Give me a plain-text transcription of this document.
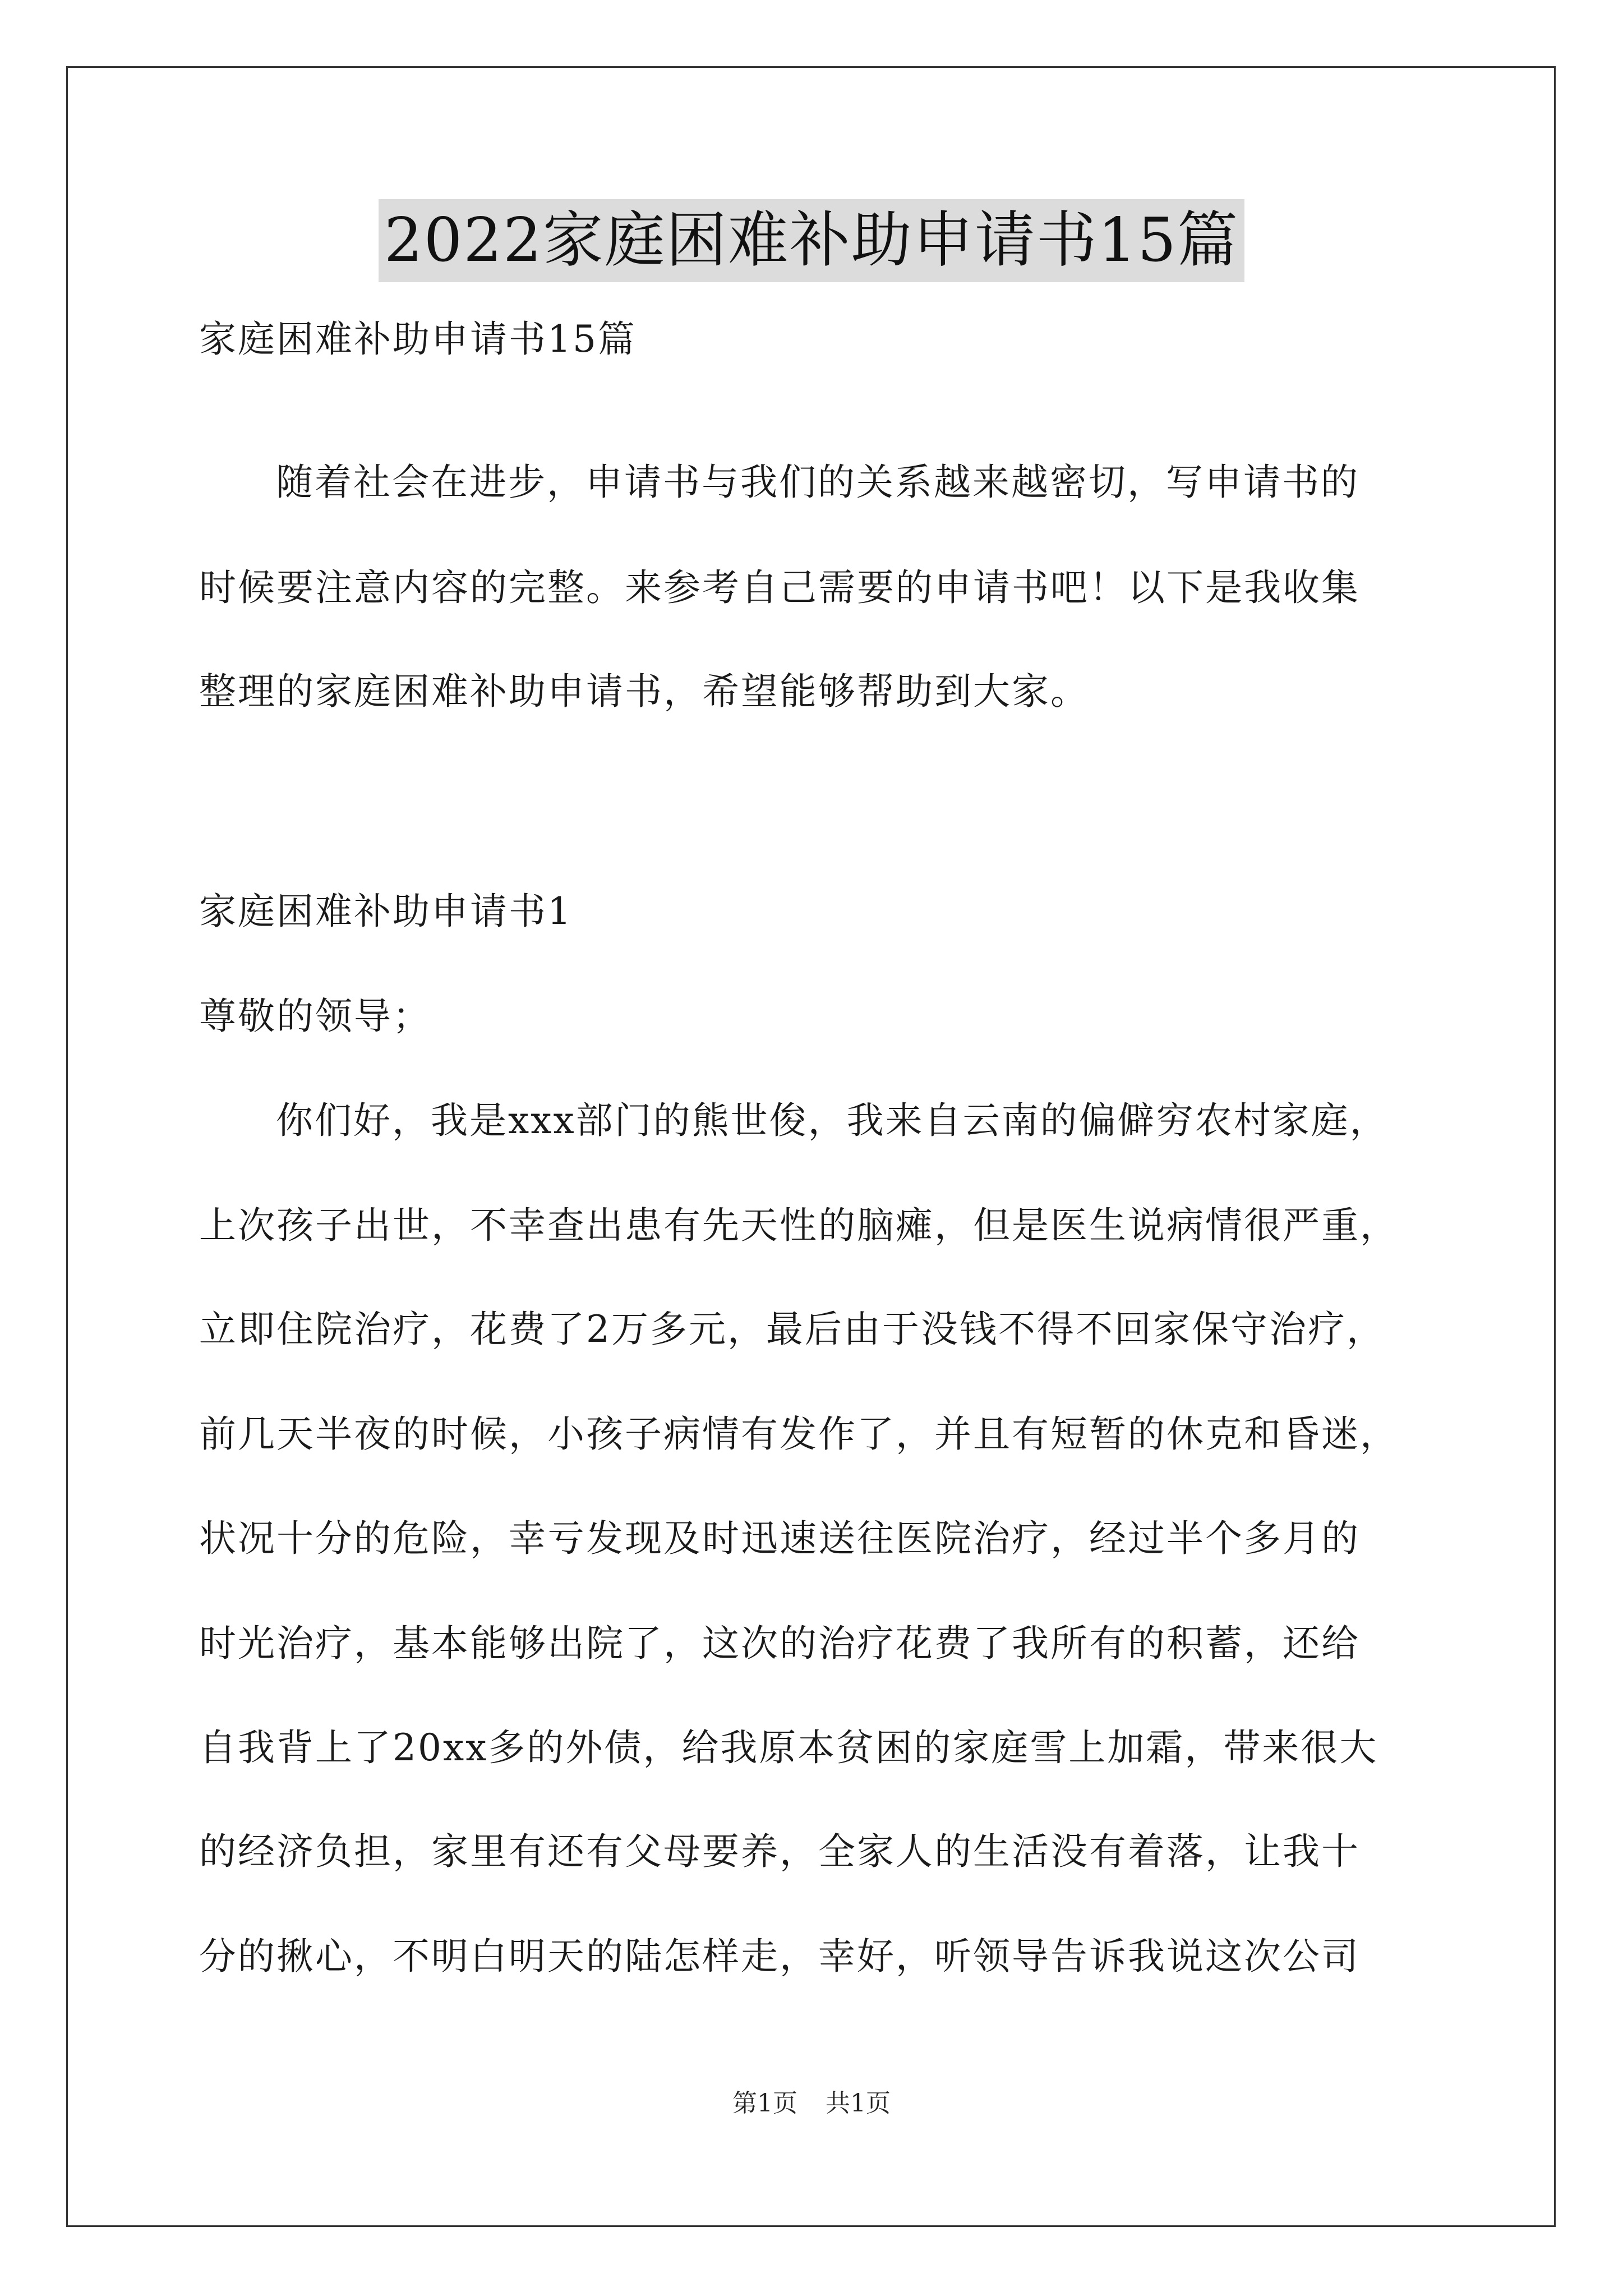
2022家庭困难补助申请书15篇
家庭困难补助申请书15篇
随着社会在进步，申请书与我们的关系越来越密切，写申请书的
时候要注意内容的完整。来参考自己需要的申请书吧！以下是我收集
整理的家庭困难补助申请书，希望能够帮助到大家。
家庭困难补助申请书1
尊敬的领导；
你们好，我是xxx部门的熊世俊，我来自云南的偏僻穷农村家庭，
上次孩子出世，不幸查出患有先天性的脑瘫，但是医生说病情很严重，
立即住院治疗，花费了2万多元，最后由于没钱不得不回家保守治疗，
前几天半夜的时候，小孩子病情有发作了，并且有短暂的休克和昏迷，
状况十分的危险，幸亏发现及时迅速送往医院治疗，经过半个多月的
时光治疗，基本能够出院了，这次的治疗花费了我所有的积蓄，还给
自我背上了20xx多的外债，给我原本贫困的家庭雪上加霜，带来很大
的经济负担，家里有还有父母要养，全家人的生活没有着落，让我十
分的揪心，不明白明天的陆怎样走，幸好，听领导告诉我说这次公司
第1页 共1页
